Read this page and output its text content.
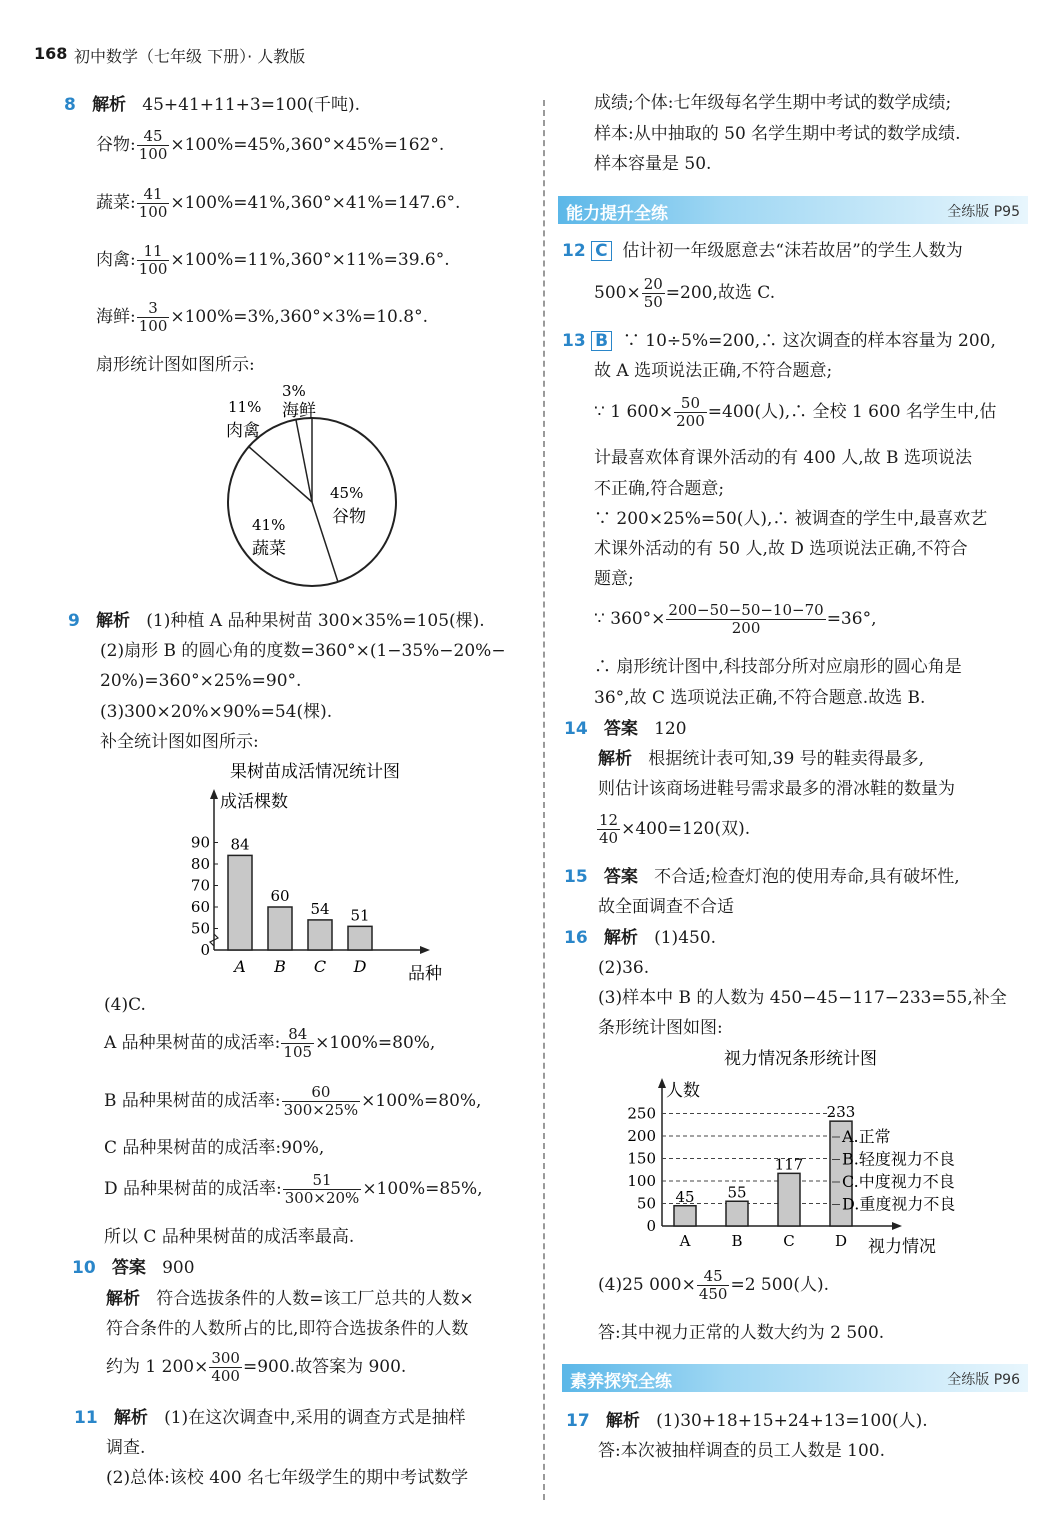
168 初中数学（七年级 下册）· 人教版
8 解析 45+41+11+3=100(千吨).
谷物: $\frac{45}{100} \times 100\%=45\%,360^\circ\times 45\%=162^\circ$.
蔬菜: $\frac{41}{100} \times 100\%=41\%,360^\circ\times 41\%=147.6^\circ$.
肉禽: $\frac{11}{100} \times 100\%=11\%,360^\circ\times 11\%=39.6^\circ$.
海鲜: $\frac{3}{100} \times 100\%=3\%,360^\circ\times 3\%=10.8^\circ$.
扇形统计图如图所示:
3%
海鲜
11%
肉禽
45%
谷物
41%
蔬菜
9 解析 (1)种植 A 品种果树苗 300×35%=105(棵).
(2)扇形 B 的圆心角的度数=360°×(1−35%−20%−
20%)=360°×25%=90°.
(3)300×20%×90%=54(棵).
补全统计图如图所示:
果树苗成活情况统计图
成活棵数
品种
0
50
60
70
80
90 84
A
60
B
54
C
51
D
(4)C.
A 品种果树苗的成活率: $\frac{84}{105} \times 100\%=80\%$,
B 品种果树苗的成活率: $\frac{60}{300\times 25\%} \times 100\%=80\%$,
C 品种果树苗的成活率:90%,
D 品种果树苗的成活率: $\frac{51}{300\times 20\%} \times 100\%=85\%$,
所以 C 品种果树苗的成活率最高.
10 答案 900
解析 符合选拔条件的人数=该工厂总共的人数×
符合条件的人数所占的比,即符合选拔条件的人数
约为 1 $200\times \frac{300}{400} =900$.故答案为 900.
11 解析 (1)在这次调查中,采用的调查方式是抽样
调查.
(2)总体:该校 400 名七年级学生的期中考试数学
成绩;个体:七年级每名学生期中考试的数学成绩;
样本:从中抽取的 50 名学生期中考试的数学成绩.
样本容量是 50.
能力提升全练	全练版 P95
12 C 估计初一年级愿意去“沫若故居”的学生人数为
$500\times \frac{20}{50} =200$,故选 C.
13 B ∵ 10÷5%=200,∴ 这次调查的样本容量为 200,
故 A 选项说法正确,不符合题意;
∵ 1 $600\times \frac{50}{200} =400$(人),∴ 全校 1 600 名学生中,估
计最喜欢体育课外活动的有 400 人,故 B 选项说法
不正确,符合题意;
∵ 200×25%=50(人),∴ 被调查的学生中,最喜欢艺
术课外活动的有 50 人,故 D 选项说法正确,不符合
题意;
∵ $360^\circ\times \frac{200-50-50-10-70}{200} =36^\circ$,
∴ 扇形统计图中,科技部分所对应扇形的圆心角是
36°,故 C 选项说法正确,不符合题意.故选 B.
14 答案 120
解析 根据统计表可知,39 号的鞋卖得最多,
则估计该商场进鞋号需求最多的滑冰鞋的数量为
$\frac{12}{40} \times 400=120$(双).
15 答案 不合适;检查灯泡的使用寿命,具有破坏性,
故全面调查不合适
16 解析 (1)450.
(2)36.
(3)样本中 B 的人数为 450−45−117−233=55,补全
条形统计图如图:
视力情况条形统计图
人数
视力情况
0
50
100
150
200
250
45
A
55
B
117
C
233
D
A.正常
B.轻度视力不良
C.中度视力不良
D.重度视力不良
(4)25 $000\times \frac{45}{450} =2$ 500(人).
答:其中视力正常的人数大约为 2 500.
素养探究全练	全练版 P96
17 解析 (1)30+18+15+24+13=100(人).
答:本次被抽样调查的员工人数是 100.
